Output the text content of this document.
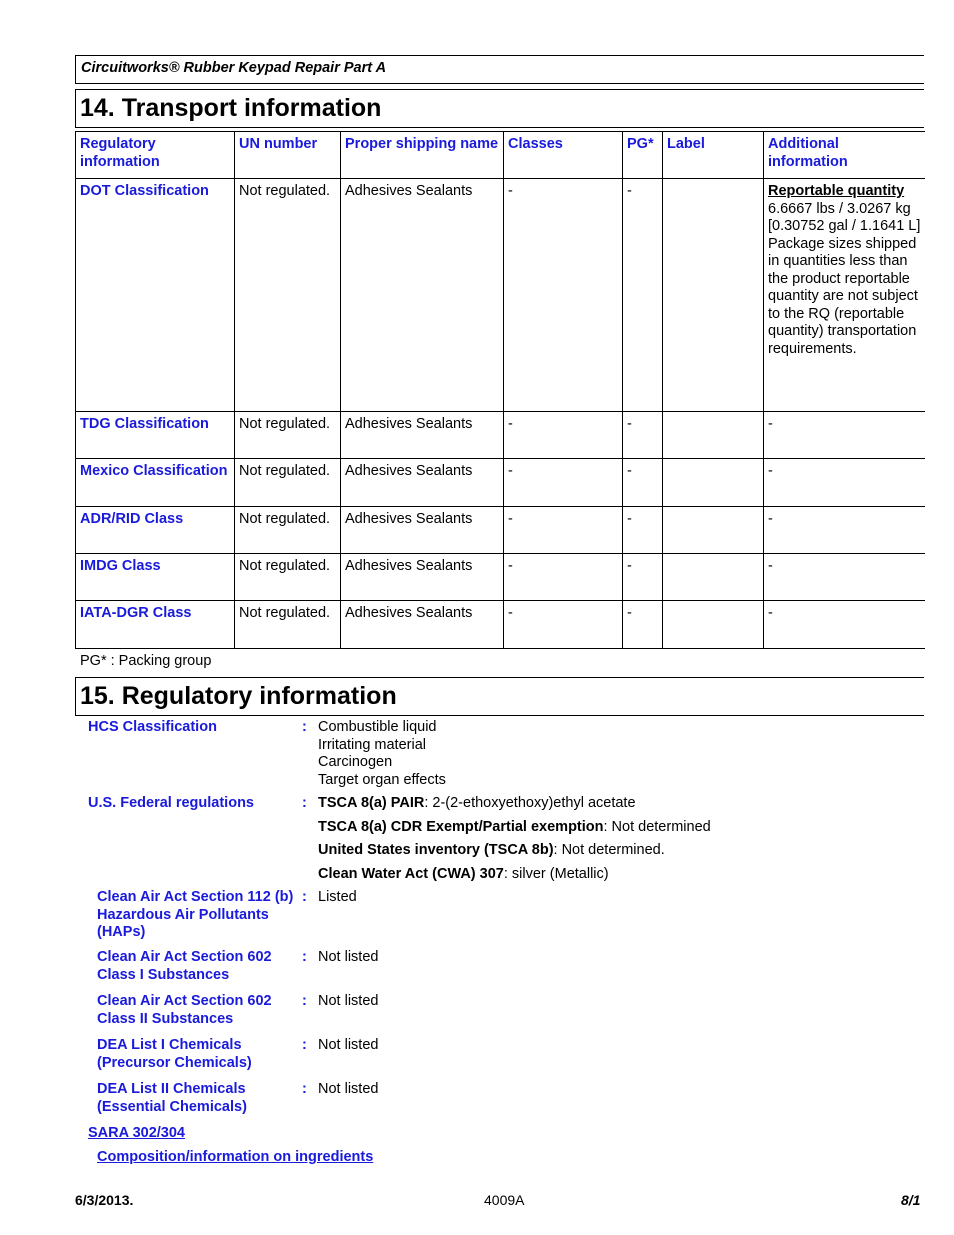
Circuitworks® Rubber Keypad Repair Part A
14. Transport information
Regulatory information	UN number	Proper shipping name	Classes	PG*	Label	Additional information
DOT Classification	Not regulated.	Adhesives Sealants	-	-		Reportable quantity
6.6667 lbs / 3.0267 kg [0.30752 gal / 1.1641 L]
Package sizes shipped in quantities less than the product reportable quantity are not subject to the RQ (reportable quantity) transportation requirements.

TDG Classification	Not regulated.	Adhesives Sealants	-	-		-
Mexico Classification	Not regulated.	Adhesives Sealants	-	-		-
ADR/RID Class	Not regulated.	Adhesives Sealants	-	-		-
IMDG Class	Not regulated.	Adhesives Sealants	-	-		-
IATA-DGR Class	Not regulated.	Adhesives Sealants	-	-		-
PG* : Packing group
15. Regulatory information
HCS Classification	: Combustible liquid
Irritating material
Carcinogen
Target organ effects
U.S. Federal regulations	: TSCA 8(a) PAIR: 2-(2-ethoxyethoxy)ethyl acetate
TSCA 8(a) CDR Exempt/Partial exemption: Not determined
United States inventory (TSCA 8b): Not determined.
Clean Water Act (CWA) 307: silver (Metallic)
Clean Air Act Section 112 (b) Hazardous Air Pollutants (HAPs)
: Listed
Clean Air Act Section 602 Class I Substances
: Not listed
Clean Air Act Section 602 Class II Substances
: Not listed
DEA List I Chemicals (Precursor Chemicals)
: Not listed
DEA List II Chemicals (Essential Chemicals)
: Not listed
SARA 302/304
Composition/information on ingredients
6/3/2013.	4009A	8/1
